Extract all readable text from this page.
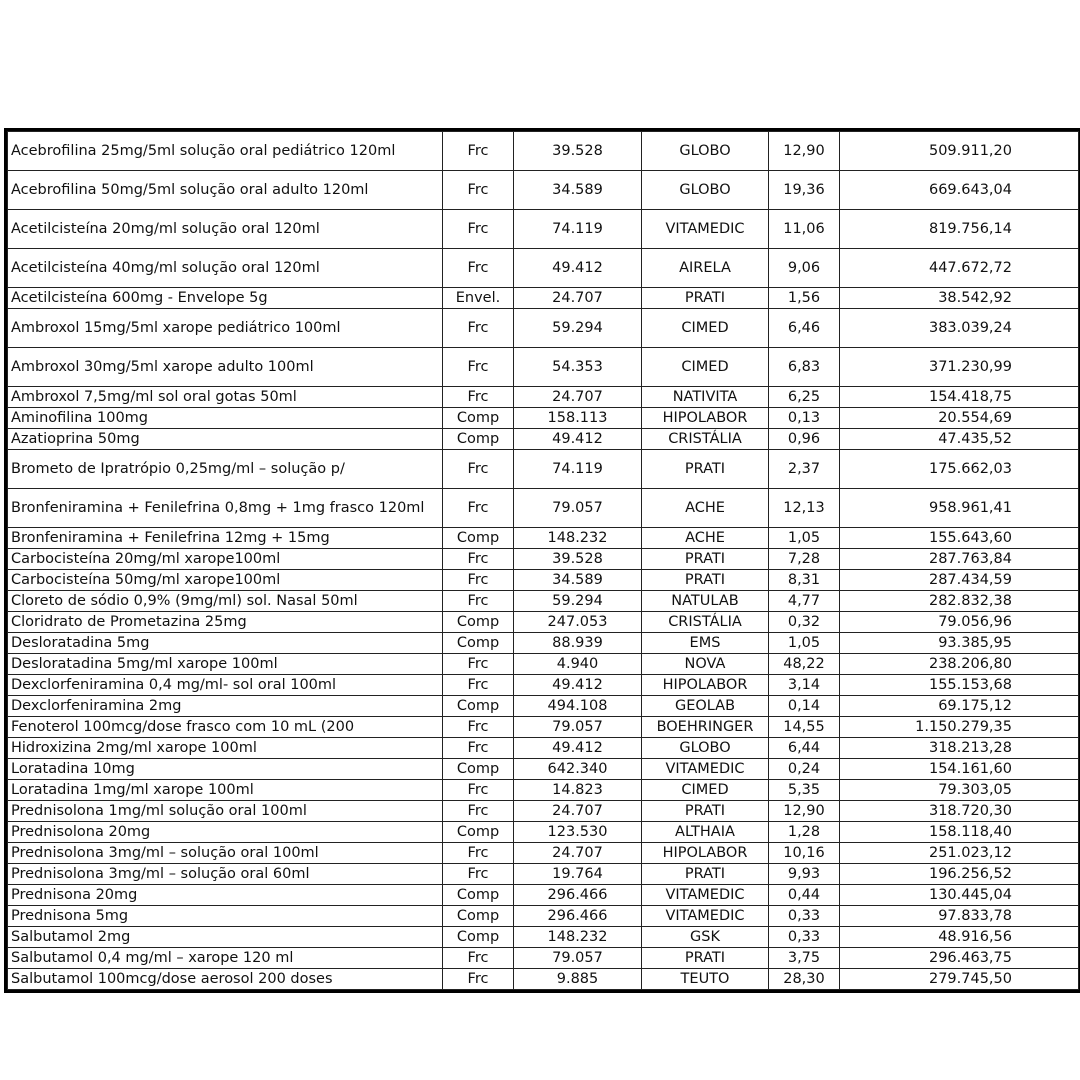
Acebrofilina 25mg/5ml solução oral pediátrico 120ml	Frc	39.528	GLOBO	12,90	509.911,20
Acebrofilina 50mg/5ml solução oral adulto 120ml	Frc	34.589	GLOBO	19,36	669.643,04
Acetilcisteína 20mg/ml solução oral 120ml	Frc	74.119	VITAMEDIC	11,06	819.756,14
Acetilcisteína 40mg/ml solução oral 120ml	Frc	49.412	AIRELA	9,06	447.672,72
Acetilcisteína 600mg - Envelope 5g	Envel.	24.707	PRATI	1,56	38.542,92
Ambroxol 15mg/5ml xarope pediátrico 100ml	Frc	59.294	CIMED	6,46	383.039,24
Ambroxol 30mg/5ml xarope adulto 100ml	Frc	54.353	CIMED	6,83	371.230,99
Ambroxol 7,5mg/ml sol oral gotas 50ml	Frc	24.707	NATIVITA	6,25	154.418,75
Aminofilina 100mg	Comp	158.113	HIPOLABOR	0,13	20.554,69
Azatioprina 50mg	Comp	49.412	CRISTÁLIA	0,96	47.435,52
Brometo de Ipratrópio 0,25mg/ml – solução p/	Frc	74.119	PRATI	2,37	175.662,03
Bronfeniramina + Fenilefrina 0,8mg + 1mg frasco 120ml	Frc	79.057	ACHE	12,13	958.961,41
Bronfeniramina + Fenilefrina 12mg + 15mg	Comp	148.232	ACHE	1,05	155.643,60
Carbocisteína 20mg/ml xarope100ml	Frc	39.528	PRATI	7,28	287.763,84
Carbocisteína 50mg/ml xarope100ml	Frc	34.589	PRATI	8,31	287.434,59
Cloreto de sódio 0,9% (9mg/ml) sol. Nasal 50ml	Frc	59.294	NATULAB	4,77	282.832,38
Cloridrato de Prometazina 25mg	Comp	247.053	CRISTÁLIA	0,32	79.056,96
Desloratadina 5mg	Comp	88.939	EMS	1,05	93.385,95
Desloratadina 5mg/ml xarope 100ml	Frc	4.940	NOVA	48,22	238.206,80
Dexclorfeniramina 0,4 mg/ml- sol oral 100ml	Frc	49.412	HIPOLABOR	3,14	155.153,68
Dexclorfeniramina 2mg	Comp	494.108	GEOLAB	0,14	69.175,12
Fenoterol 100mcg/dose frasco com 10 mL (200	Frc	79.057	BOEHRINGER	14,55	1.150.279,35
Hidroxizina 2mg/ml xarope 100ml	Frc	49.412	GLOBO	6,44	318.213,28
Loratadina 10mg	Comp	642.340	VITAMEDIC	0,24	154.161,60
Loratadina 1mg/ml xarope 100ml	Frc	14.823	CIMED	5,35	79.303,05
Prednisolona 1mg/ml solução oral 100ml	Frc	24.707	PRATI	12,90	318.720,30
Prednisolona 20mg	Comp	123.530	ALTHAIA	1,28	158.118,40
Prednisolona 3mg/ml – solução oral 100ml	Frc	24.707	HIPOLABOR	10,16	251.023,12
Prednisolona 3mg/ml – solução oral 60ml	Frc	19.764	PRATI	9,93	196.256,52
Prednisona 20mg	Comp	296.466	VITAMEDIC	0,44	130.445,04
Prednisona 5mg	Comp	296.466	VITAMEDIC	0,33	97.833,78
Salbutamol 2mg	Comp	148.232	GSK	0,33	48.916,56
Salbutamol 0,4 mg/ml – xarope 120 ml	Frc	79.057	PRATI	3,75	296.463,75
Salbutamol 100mcg/dose aerosol 200 doses	Frc	9.885	TEUTO	28,30	279.745,50
